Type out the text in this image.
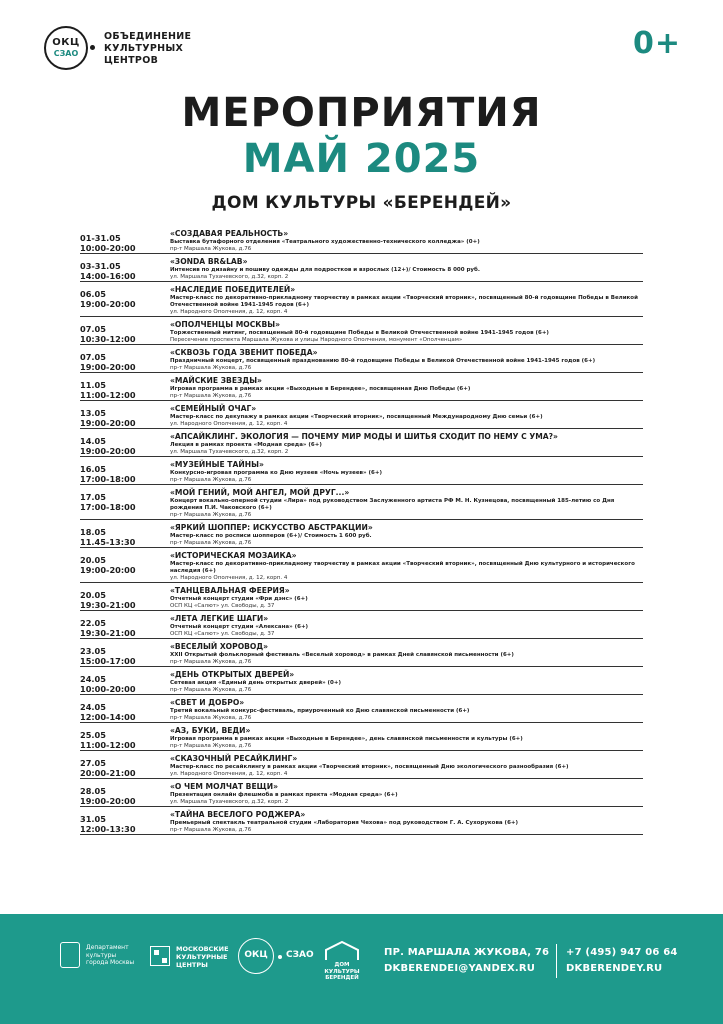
ОКЦ
СЗАО
ОБЪЕДИНЕНИЕ
КУЛЬТУРНЫХ
ЦЕНТРОВ	0+
МЕРОПРИЯТИЯ
МАЙ 2025
ДОМ КУЛЬТУРЫ «БЕРЕНДЕЙ»
01-31.05
10:00-20:00
«СОЗДАВАЯ РЕАЛЬНОСТЬ»
Выставка бутафорного отделения «Театрального художественно-технического колледжа» (0+)
пр-т Маршала Жукова, д.76
03-31.05
14:00-16:00
«3ONDA BR&LAB»
Интенсив по дизайну и пошиву одежды для подростков и взрослых (12+)/ Стоимость 8 000 руб.
ул. Маршала Тухачевского, д.32, корп. 2
06.05
19:00-20:00
«НАСЛЕДИЕ ПОБЕДИТЕЛЕЙ»
Мастер-класс по декоративно-прикладному творчеству в рамках акции «Творческий вторник», посвященный 80-й годовщине Победы в Великой Отечественной войне 1941-1945 годов (6+)
ул. Народного Ополчения, д. 12, корп. 4
07.05
10:30-12:00
«ОПОЛЧЕНЦЫ МОСКВЫ»
Торжественный митинг, посвященный 80-й годовщине Победы в Великой Отечественной войне 1941-1945 годов (6+)
Пересечение проспекта Маршала Жукова и улицы Народного Ополчения, монумент «Ополченцам»
07.05
19:00-20:00
«СКВОЗЬ ГОДА ЗВЕНИТ ПОБЕДА»
Праздничный концерт, посвященный празднованию 80-й годовщине Победы в Великой Отечественной войне 1941-1945 годов (6+)
пр-т Маршала Жукова, д.76
11.05
11:00-12:00
«МАЙСКИЕ ЗВЕЗДЫ»
Игровая программа в рамках акции «Выходные в Берендее», посвященная Дню Победы (6+)
пр-т Маршала Жукова, д.76
13.05
19:00-20:00
«СЕМЕЙНЫЙ ОЧАГ»
Мастер-класс по декупажу в рамках акции «Творческий вторник», посвященный Международному Дню семьи (6+)
ул. Народного Ополчения, д. 12, корп. 4
14.05
19:00-20:00
«АПСАЙКЛИНГ. ЭКОЛОГИЯ — ПОЧЕМУ МИР МОДЫ И ШИТЬЯ СХОДИТ ПО НЕМУ С УМА?»
Лекция в рамках проекта «Модная среда» (6+)
ул. Маршала Тухачевского, д.32, корп. 2
16.05
17:00-18:00
«МУЗЕЙНЫЕ ТАЙНЫ»
Конкурсно-игровая программа ко Дню музеев «Ночь музеев» (6+)
пр-т Маршала Жукова, д.76
17.05
17:00-18:00
«МОЙ ГЕНИЙ, МОЙ АНГЕЛ, МОЙ ДРУГ...»
Концерт вокально-оперной студии «Лира» под руководством Заслуженного артиста РФ М. Н. Кузнецова, посвященный 185-летию со Дня рождения П.И. Чаковского (6+)
пр-т Маршала Жукова, д.76
18.05
11.45-13:30
«ЯРКИЙ ШОППЕР: ИСКУССТВО АБСТРАКЦИИ»
Мастер-класс по росписи шопперов (6+)/ Стоимость 1 600 руб.
пр-т Маршала Жукова, д.76
20.05
19:00-20:00
«ИСТОРИЧЕСКАЯ МОЗАИКА»
Мастер-класс по декоративно-прикладному творчеству в рамках акции «Творческий вторник», посвященный Дню культурного и исторического наследия (6+)
ул. Народного Ополчения, д. 12, корп. 4
20.05
19:30-21:00
«ТАНЦЕВАЛЬНАЯ ФЕЕРИЯ»
Отчетный концерт студии «Фри дэнс» (6+)
ОСП КЦ «Салют» ул. Свободы, д. 37
22.05
19:30-21:00
«ЛЕТА ЛЕГКИЕ ШАГИ»
Отчетный концерт студии «Алексана» (6+)
ОСП КЦ «Салют» ул. Свободы, д. 37
23.05
15:00-17:00
«ВЕСЕЛЫЙ ХОРОВОД»
XXII Открытый фольклорный фестиваль «Веселый хоровод» в рамках Дней славянской письменности (6+)
пр-т Маршала Жукова, д.76
24.05
10:00-20:00
«ДЕНЬ ОТКРЫТЫХ ДВЕРЕЙ»
Сетевая акция «Единый день открытых дверей» (0+)
пр-т Маршала Жукова, д.76
24.05
12:00-14:00
«СВЕТ И ДОБРО»
Третий вокальный конкурс-фестиваль, приуроченный ко Дню славянской письменности (6+)
пр-т Маршала Жукова, д.76
25.05
11:00-12:00
«АЗ, БУКИ, ВЕДИ»
Игровая программа в рамках акции «Выходные в Берендее», день славянской письменности и культуры (6+)
пр-т Маршала Жукова, д.76
27.05
20:00-21:00
«СКАЗОЧНЫЙ РЕСАЙКЛИНГ»
Мастер-класс по ресайклингу в рамках акции «Творческий вторник», посвященный Дню экологического разнообразия (6+)
ул. Народного Ополчения, д. 12, корп. 4
28.05
19:00-20:00
«О ЧЕМ МОЛЧАТ ВЕЩИ»
Презентация онлайн флешмоба в рамках пректа «Модная среда» (6+)
ул. Маршала Тухачевского, д.32, корп. 2
31.05
12:00-13:30
«ТАЙНА ВЕСЕЛОГО РОДЖЕРА»
Премьерный спектакль театральной студии «Лаборатория Чехова» под руководством Г. А. Сухорукова (6+)
пр-т Маршала Жукова, д.76
Департамент
культуры
города Москвы
МОСКОВСКИЕ
КУЛЬТУРНЫЕ
ЦЕНТРЫ
ОКЦ	СЗАО
ДОМ КУЛЬТУРЫ
БЕРЕНДЕЙ
ПР. МАРШАЛА ЖУКОВА, 76
DKBERENDEI@YANDEX.RU
+7 (495) 947 06 64
DKBERENDEY.RU
